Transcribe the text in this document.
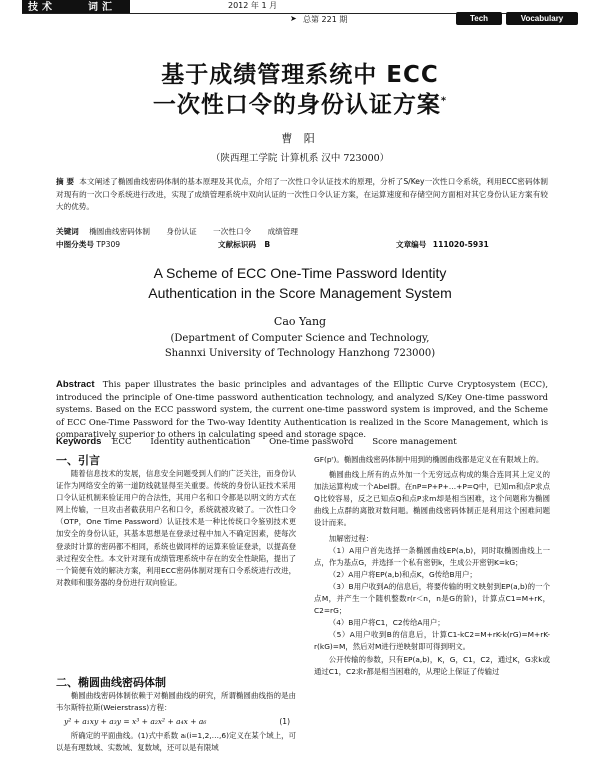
技术	词汇	2012 年 1 月
➤ 总第 221 期	Tech	Vocabulary
基于成绩管理系统中 ECC
一次性口令的身份认证方案*
曹 阳
（陕西理工学院 计算机系 汉中 723000）
摘 要 本文阐述了椭圆曲线密码体制的基本原理及其优点，介绍了一次性口令认证技术的原理，分析了S/Key一次性口令系统，利用ECC密码体制对现有的一次口令系统进行改进，实现了成绩管理系统中双向认证的一次性口令认证方案，在运算速度和存储空间方面相对其它身份认证方案有较大的优势。
关键词 椭圆曲线密码体制 身份认证 一次性口令 成绩管理
中图分类号 TP309	文献标识码 B	文章编号 111020-5931
A Scheme of ECC One-Time Password Identity
Authentication in the Score Management System
Cao Yang
(Department of Computer Science and Technology,
Shannxi University of Technology Hanzhong 723000)
Abstract This paper illustrates the basic principles and advantages of the Elliptic Curve Cryptosystem (ECC), introduced the principle of One-time password authentication technology, and analyzed S/Key One-time password systems. Based on the ECC password system, the current one-time password system is improved, and the Scheme of ECC One-Time Password for the Two-way Identity Authentication is realized in the Score Management, which is comparatively superior to others in calculating speed and storage space.
Keywords ECC Identity authentication One-time password Score management
一、引言
随着信息技术的发展，信息安全问题受到人们的广泛关注，而身份认证作为网络安全的第一道防线就显得至关重要。传统的身份认证技术采用口令认证机制来验证用户的合法性，其用户名和口令都是以明文的方式在网上传输，一旦攻击者截获用户名和口令，系统就被攻破了。一次性口令（OTP，One Time Password）认证技术是一种比传统口令鉴别技术更加安全的身份认证，其基本思想是在登录过程中加入不确定因素，使每次登录时计算的密码都不相同，系统也做同样的运算来验证登录，以提高登录过程安全性。本文针对现有成绩管理系统中存在的安全性缺陷，提出了一个简便有效的解决方案，利用ECC密码体制对现有口令系统进行改进，对教师和服务器的身份进行双向验证。
二、椭圆曲线密码体制
椭圆曲线密码体制依赖于对椭圆曲线的研究，所谓椭圆曲线指的是由韦尔斯特拉斯(Weierstrass)方程：
y² + a₁xy + a₃y = x³ + a₂x² + a₄x + a₆	(1)
所确定的平面曲线。(1)式中系数 aᵢ(i=1,2,…,6)定义在某个域上，可以是有理数域、实数域、复数域，还可以是有限域
GF(pʳ)。椭圆曲线密码体制中用到的椭圆曲线都是定义在有限域上的。
椭圆曲线上所有的点外加一个无穷远点构成的集合连同其上定义的加法运算构成一个Abel群。在nP=P+P+…+P=Q中，已知m和点P求点Q比较容易，反之已知点Q和点P求m却是相当困难，这个问题称为椭圆曲线上点群的离散对数问题。椭圆曲线密码体制正是利用这个困难问题设计而来。
加解密过程：
（1）A用户首先选择一条椭圆曲线EP(a,b)，同时取椭圆曲线上一点，作为基点G，并选择一个私有密钥k，生成公开密钥K=kG；
（2）A用户将EP(a,b)和点K，G传给B用户；
（3）B用户收到A的信息后，将要传输的明文映射到EP(a,b)的一个点M，并产生一个随机整数r(r＜n，n是G的阶)，计算点C1=M+rK，C2=rG；
（4）B用户将C1，C2传给A用户；
（5）A用户收到B的信息后，计算C1-kC2=M+rK-k(rG)=M+rK-r(kG)=M，然后对M进行逆映射即可得到明文。
公开传输的参数，只有EP(a,b)，K，G，C1，C2，通过K，G求k或通过C1，C2求r都是相当困难的，从理论上保证了传输过
